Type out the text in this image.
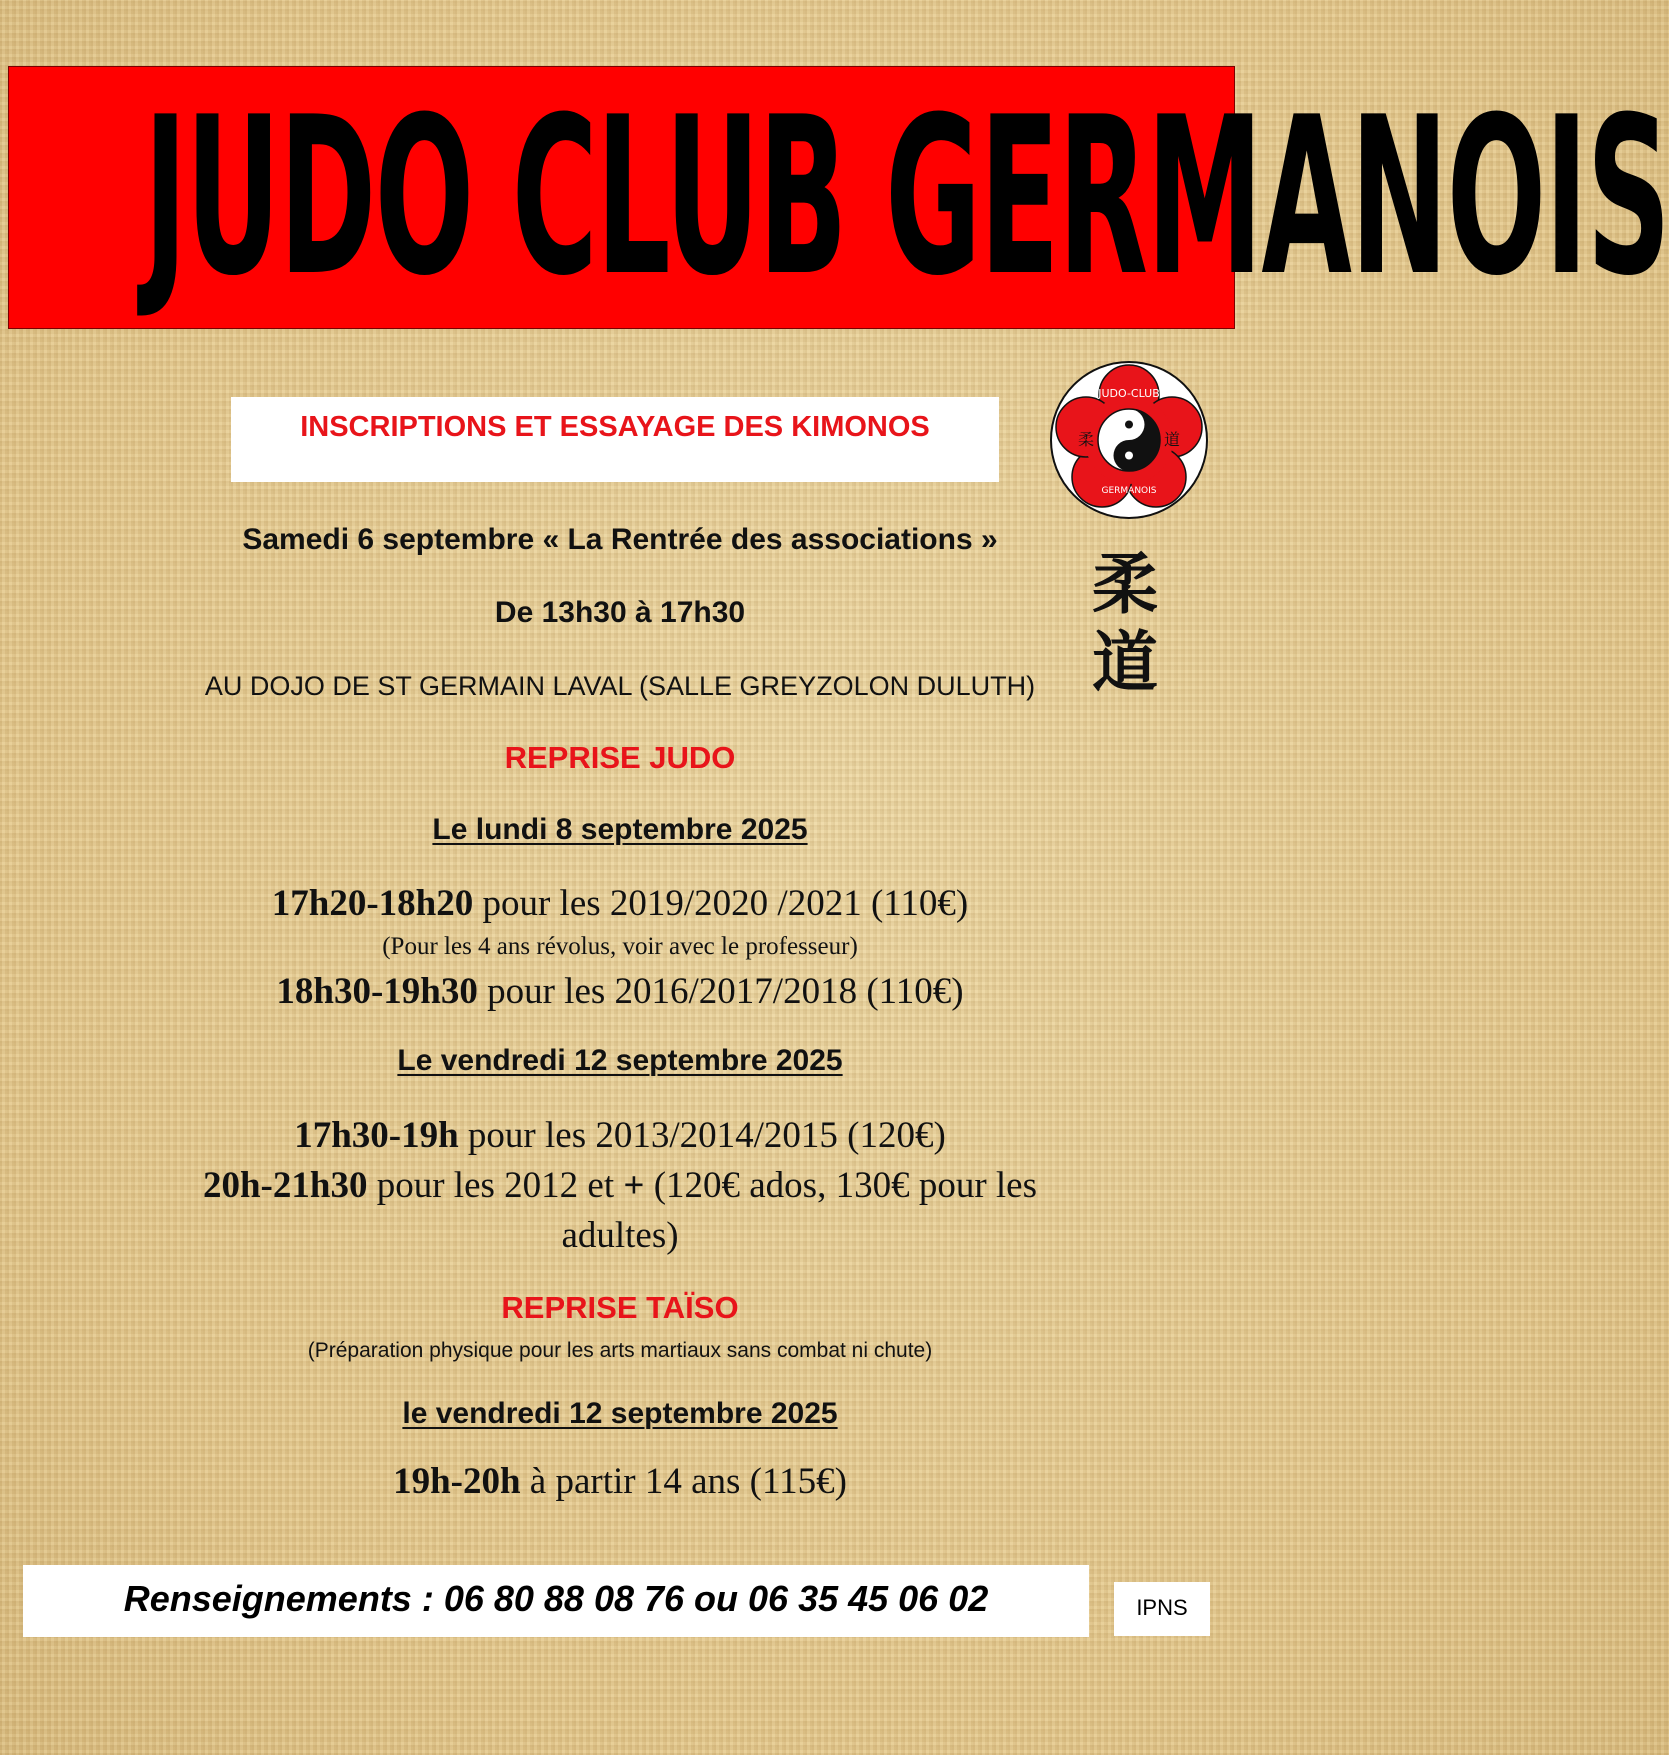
JUDO CLUB GERMANOIS
INSCRIPTIONS ET ESSAYAGE DES KIMONOS
JUDO-CLUB
GERMANOIS
柔	道
柔
道
Samedi 6 septembre « La Rentrée des associations »
De 13h30 à 17h30
AU DOJO DE ST GERMAIN LAVAL (SALLE GREYZOLON DULUTH)
REPRISE JUDO
Le lundi 8 septembre 2025
17h20-18h20 pour les 2019/2020 /2021 (110€)
(Pour les 4 ans révolus, voir avec le professeur)
18h30-19h30 pour les 2016/2017/2018 (110€)
Le vendredi 12 septembre 2025
17h30-19h pour les 2013/2014/2015 (120€)
20h-21h30 pour les 2012 et + (120€ ados, 130€ pour les
adultes)
REPRISE TAÏSO
(Préparation physique pour les arts martiaux sans combat ni chute)
le vendredi 12 septembre 2025
19h-20h à partir 14 ans (115€)
Renseignements : 06 80 88 08 76 ou 06 35 45 06 02	IPNS
